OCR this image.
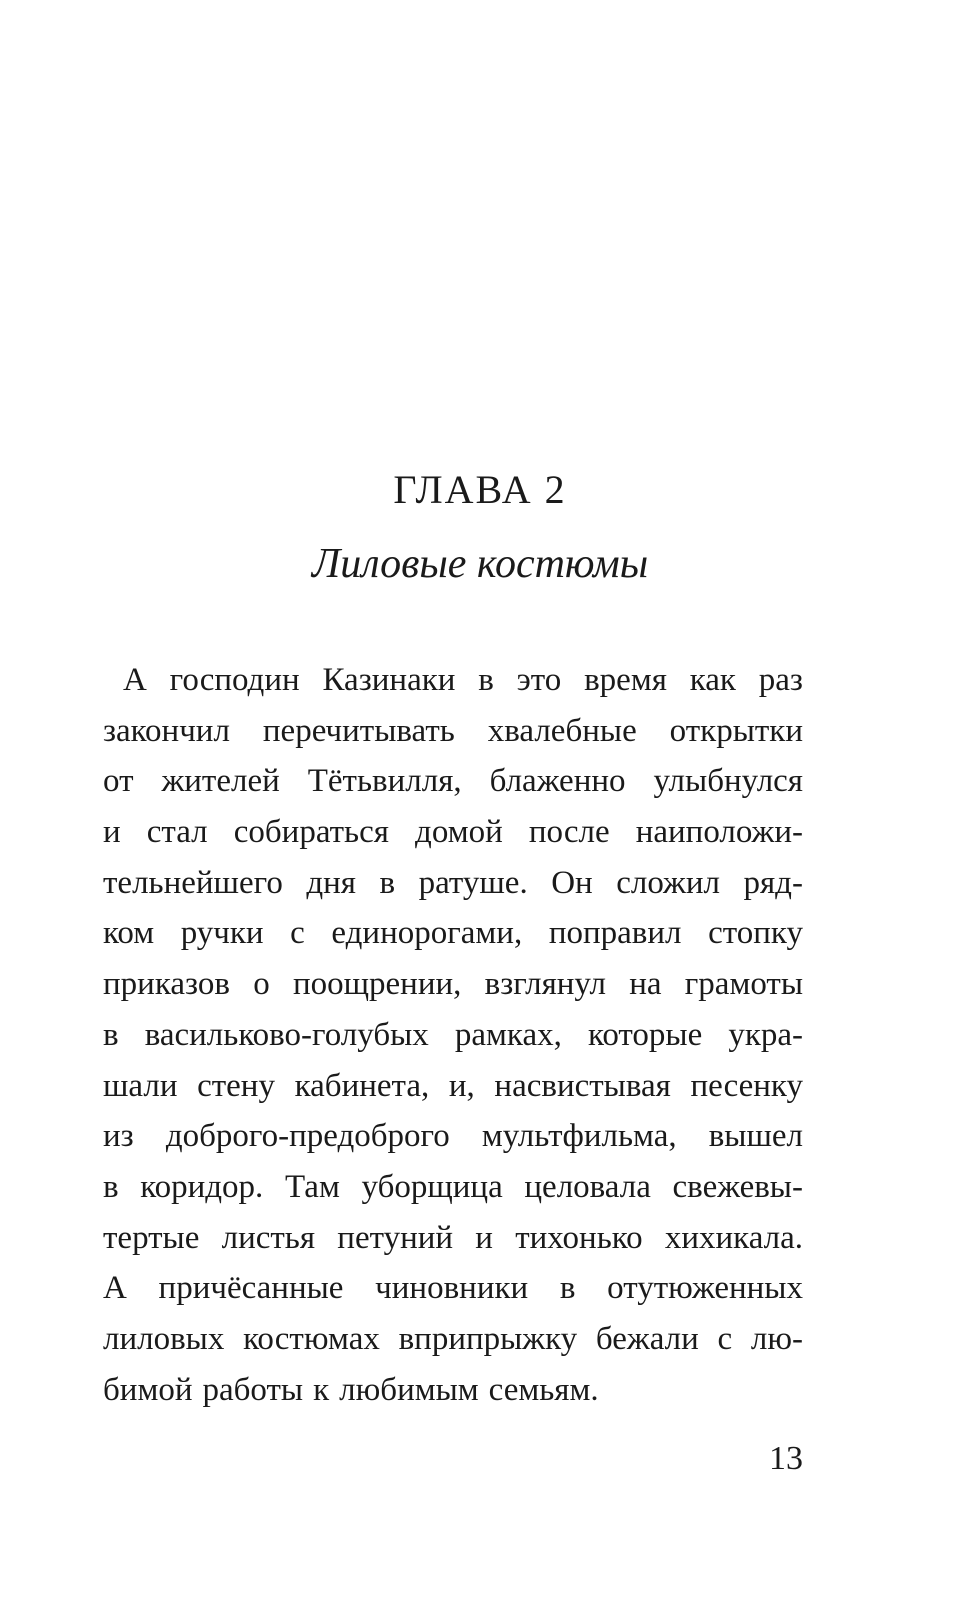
ГЛАВА 2
Лиловые костюмы
А господин Казинаки в это время как раз
закончил перечитывать хвалебные открытки
от жителей Тётьвилля, блаженно улыбнулся
и стал собираться домой после наиположи-
тельнейшего дня в ратуше. Он сложил ряд-
ком ручки с единорогами, поправил стопку
приказов о поощрении, взглянул на грамоты
в васильково-голубых рамках, которые укра-
шали стену кабинета, и, насвистывая песенку
из доброго-предоброго мультфильма, вышел
в коридор. Там уборщица целовала свежевы-
тертые листья петуний и тихонько хихикала.
А причёсанные чиновники в отутюженных
лиловых костюмах вприпрыжку бежали с лю-
бимой работы к любимым семьям.
13
